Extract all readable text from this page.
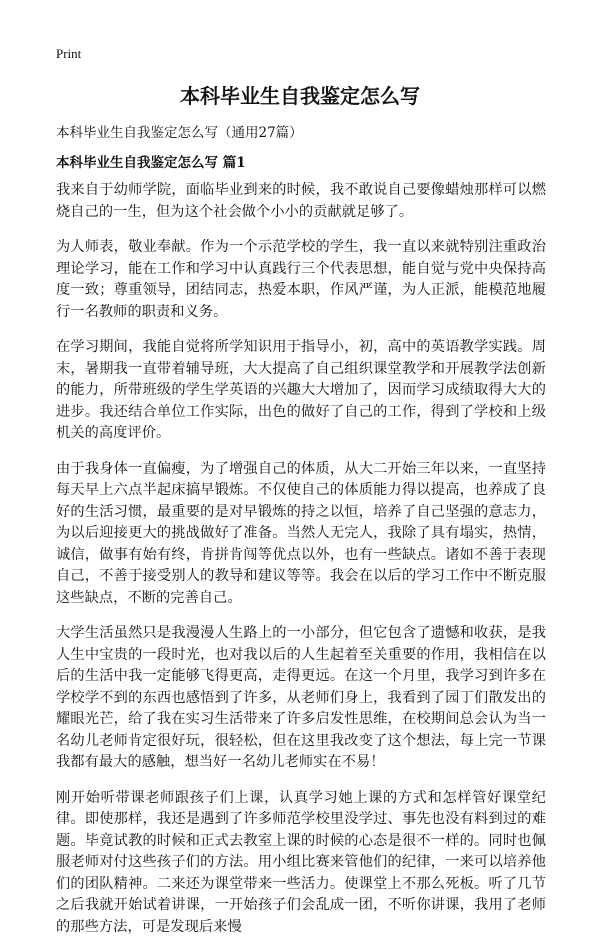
Print
本科毕业生自我鉴定怎么写

本科毕业生自我鉴定怎么写（通用27篇）

本科毕业生自我鉴定怎么写 篇1

我来自于幼师学院，面临毕业到来的时候，我不敢说自己要像蜡烛那样可以燃烧自己的一生，但为这个社会做个小小的贡献就足够了。

为人师表，敬业奉献。作为一个示范学校的学生，我一直以来就特别注重政治理论学习，能在工作和学习中认真践行三个代表思想，能自觉与党中央保持高度一致；尊重领导，团结同志，热爱本职，作风严谨，为人正派，能模范地履行一名教师的职责和义务。

在学习期间，我能自觉将所学知识用于指导小，初，高中的英语教学实践。周末，暑期我一直带着辅导班，大大提高了自己组织课堂教学和开展教学法创新的能力，所带班级的学生学英语的兴趣大大增加了，因而学习成绩取得大大的进步。我还结合单位工作实际，出色的做好了自己的工作，得到了学校和上级机关的高度评价。

由于我身体一直偏瘦，为了增强自己的体质，从大二开始三年以来，一直坚持每天早上六点半起床搞早锻炼。不仅使自己的体质能力得以提高，也养成了良好的生活习惯，最重要的是对早锻炼的持之以恒，培养了自己坚强的意志力，为以后迎接更大的挑战做好了准备。当然人无完人，我除了具有塌实，热情，诚信，做事有始有终，肯拼肯闯等优点以外，也有一些缺点。诸如不善于表现自己，不善于接受别人的教导和建议等等。我会在以后的学习工作中不断克服这些缺点，不断的完善自己。

大学生活虽然只是我漫漫人生路上的一小部分，但它包含了遗憾和收获，是我人生中宝贵的一段时光，也对我以后的人生起着至关重要的作用，我相信在以后的生活中我一定能够飞得更高，走得更远。在这一个月里，我学习到许多在学校学不到的东西也感悟到了许多，从老师们身上，我看到了园丁们散发出的耀眼光芒，给了我在实习生活带来了许多启发性思维，在校期间总会认为当一名幼儿老师肯定很好玩，很轻松，但在这里我改变了这个想法，每上完一节课我都有最大的感触，想当好一名幼儿老师实在不易！

刚开始听带课老师跟孩子们上课，认真学习她上课的方式和怎样管好课堂纪律。即使那样，我还是遇到了许多师范学校里没学过、事先也没有料到过的难题。毕竟试教的时候和正式去教室上课的时候的心态是很不一样的。同时也佩服老师对付这些孩子们的方法。用小组比赛来管他们的纪律，一来可以培养他们的团队精神。二来还为课堂带来一些活力。使课堂上不那么死板。听了几节之后我就开始试着讲课，一开始孩子们会乱成一团，不听你讲课，我用了老师的那些方法，可是发现后来慢
